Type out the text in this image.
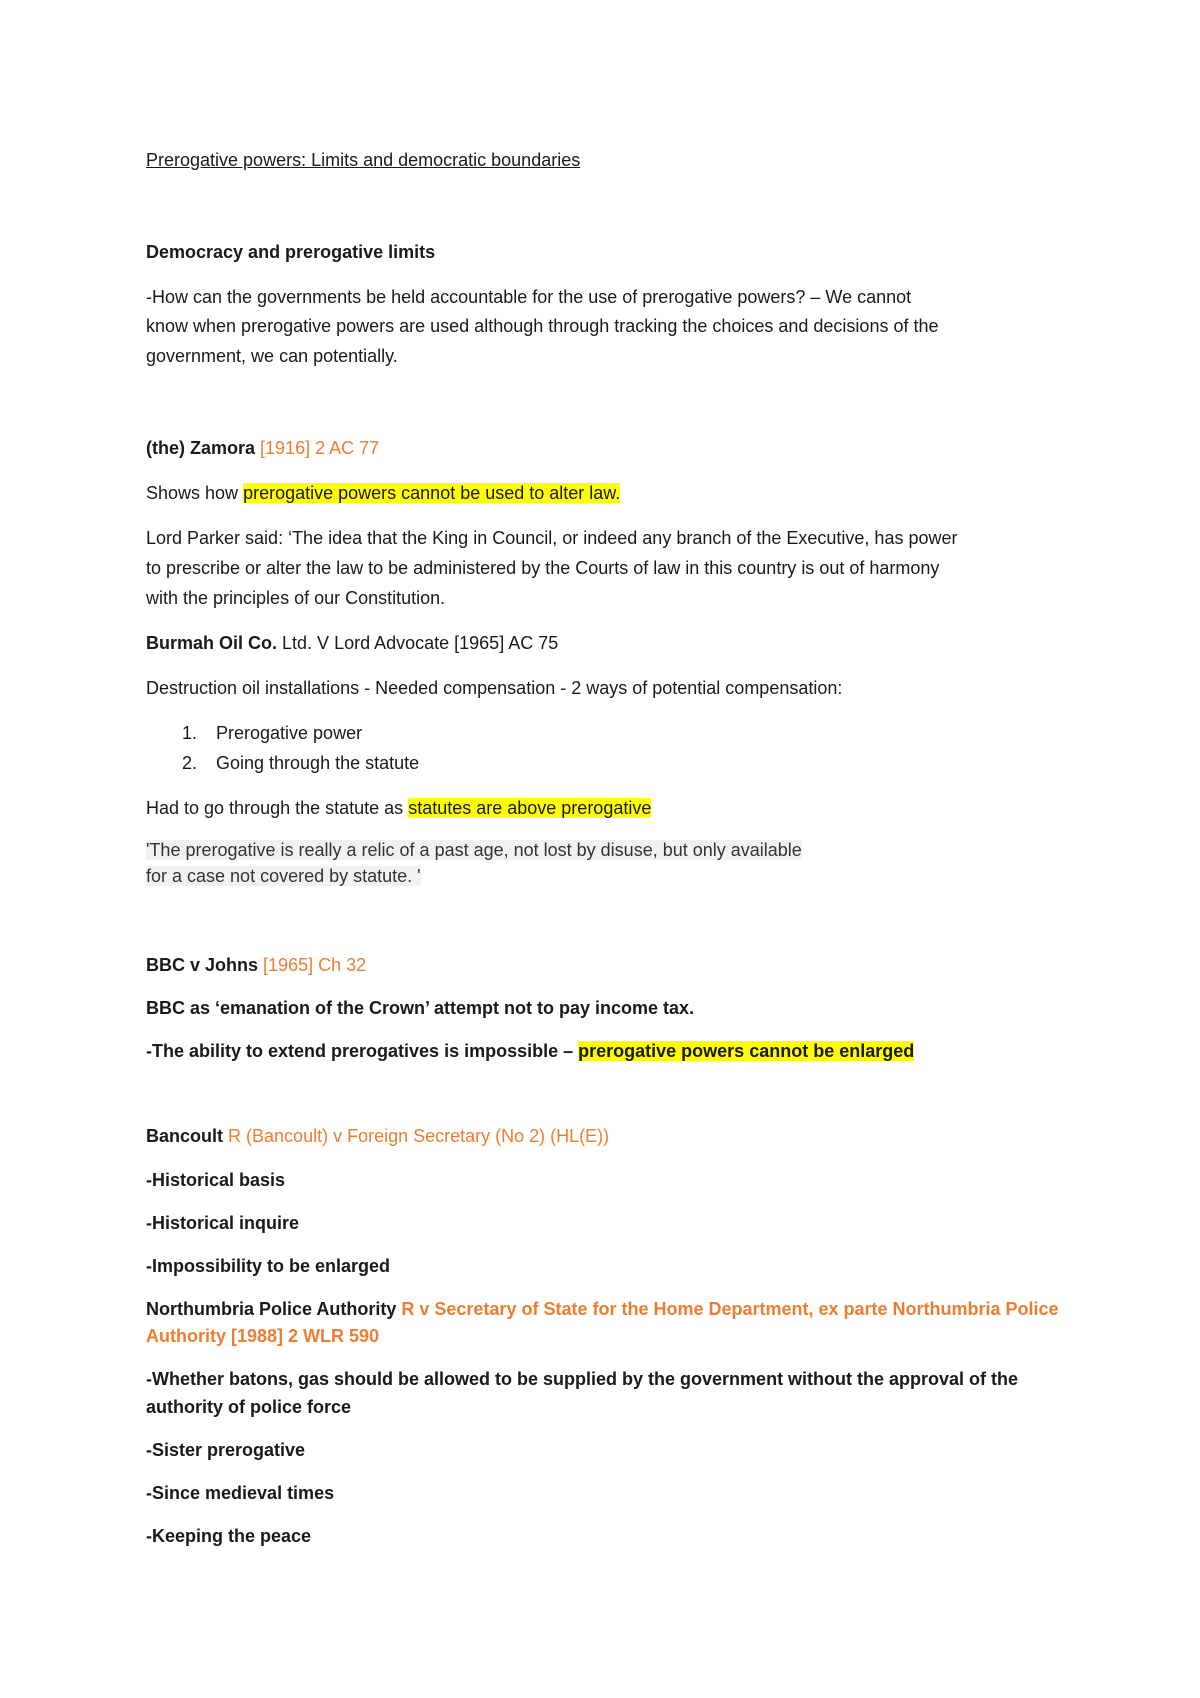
Prerogative powers: Limits and democratic boundaries

Democracy and prerogative limits

-How can the governments be held accountable for the use of prerogative powers? – We cannot

know when prerogative powers are used although through tracking the choices and decisions of the

government, we can potentially.

(the) Zamora [1916] 2 AC 77

Shows how prerogative powers cannot be used to alter law.

Lord Parker said: ‘The idea that the King in Council, or indeed any branch of the Executive, has power

to prescribe or alter the law to be administered by the Courts of law in this country is out of harmony

with the principles of our Constitution.

Burmah Oil Co. Ltd. V Lord Advocate [1965] AC 75

Destruction oil installations - Needed compensation - 2 ways of potential compensation:

1. Prerogative power

2. Going through the statute

Had to go through the statute as statutes are above prerogative

'The prerogative is really a relic of a past age, not lost by disuse, but only available

for a case not covered by statute. '

BBC v Johns [1965] Ch 32

BBC as ‘emanation of the Crown’ attempt not to pay income tax.

-The ability to extend prerogatives is impossible – prerogative powers cannot be enlarged

Bancoult R (Bancoult) v Foreign Secretary (No 2) (HL(E))

-Historical basis

-Historical inquire

-Impossibility to be enlarged

Northumbria Police Authority R v Secretary of State for the Home Department, ex parte Northumbria Police

Authority [1988] 2 WLR 590

-Whether batons, gas should be allowed to be supplied by the government without the approval of the

authority of police force

-Sister prerogative

-Since medieval times

-Keeping the peace
